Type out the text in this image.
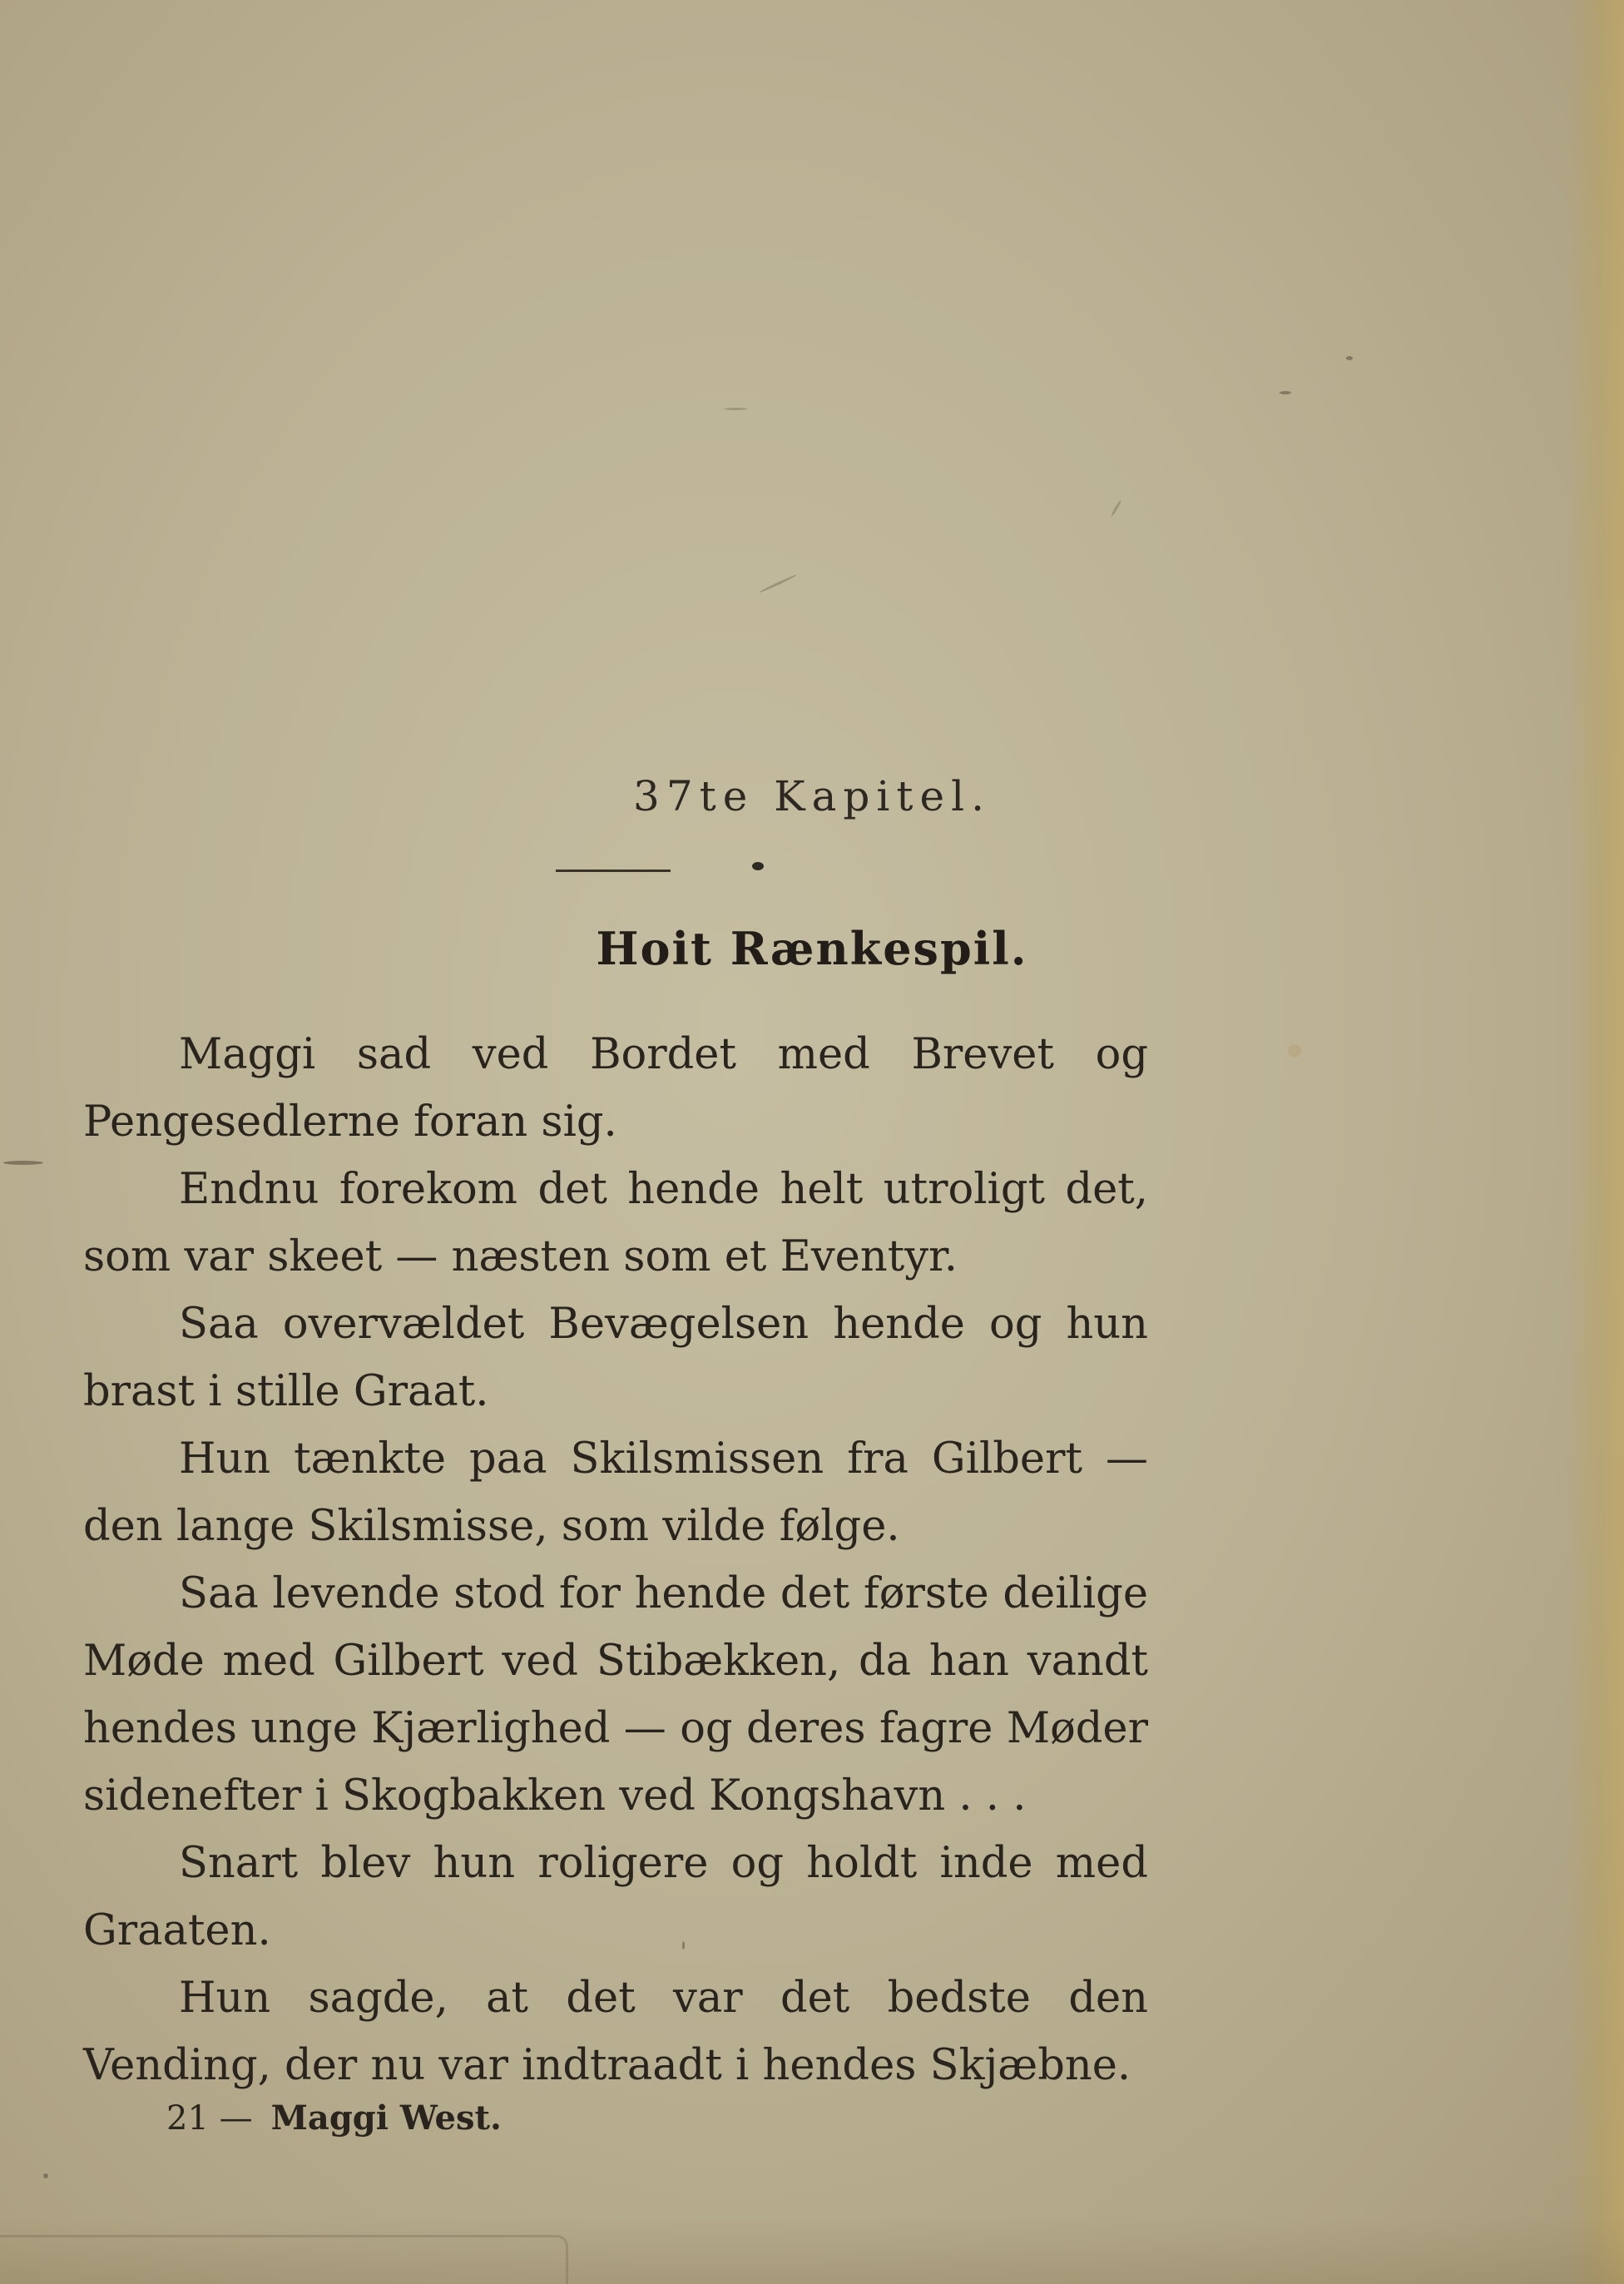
37te Kapitel.
Hoit Rænkespil.

Maggi sad ved Bordet med Brevet og Pengesedlerne foran sig.

Endnu forekom det hende helt utroligt det, som var skeet — næsten som et Eventyr.

Saa overvældet Bevægelsen hende og hun brast i stille Graat.

Hun tænkte paa Skilsmissen fra Gilbert — den lange Skilsmisse, som vilde følge.

Saa levende stod for hende det første deilige Møde med Gilbert ved Stibækken, da han vandt hendes unge Kjærlighed — og deres fagre Møder sidenefter i Skogbakken ved Kongshavn . . .

Snart blev hun roligere og holdt inde med Graaten.

Hun sagde, at det var det bedste den Vending, der nu var indtraadt i hendes Skjæbne.

21 — Maggi West.
